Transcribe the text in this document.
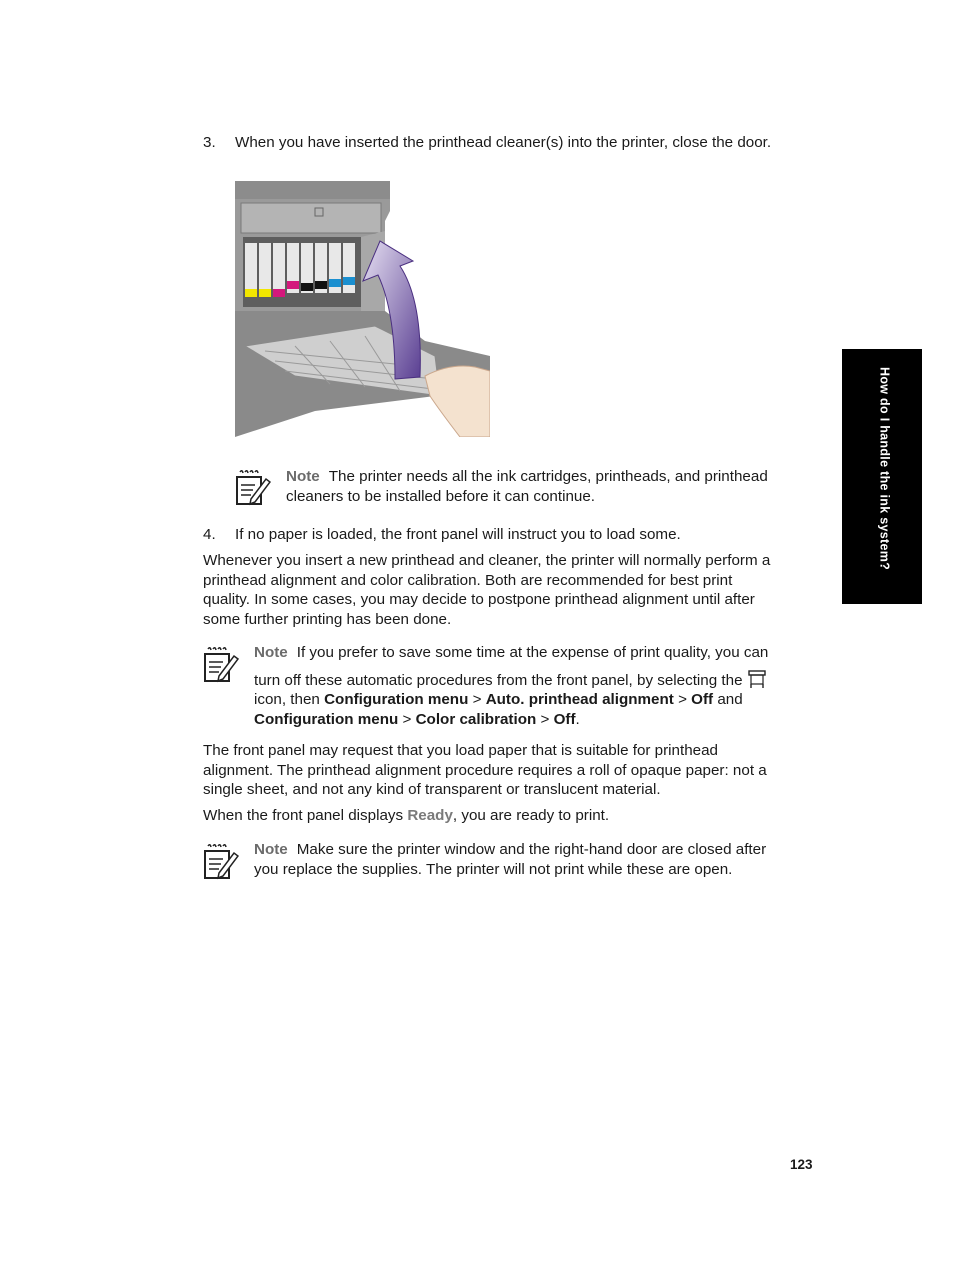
3. When you have inserted the printhead cleaner(s) into the printer, close the door.

Note The printer needs all the ink cartridges, printheads, and printhead

cleaners to be installed before it can continue.

4. If no paper is loaded, the front panel will instruct you to load some.

Whenever you insert a new printhead and cleaner, the printer will normally perform a

printhead alignment and color calibration. Both are recommended for best print

quality. In some cases, you may decide to postpone printhead alignment until after

some further printing has been done.

Note If you prefer to save some time at the expense of print quality, you can

turn off these automatic procedures from the front panel, by selecting the

icon, then Configuration menu > Auto. printhead alignment > Off and

Configuration menu > Color calibration > Off.

The front panel may request that you load paper that is suitable for printhead

alignment. The printhead alignment procedure requires a roll of opaque paper: not a

single sheet, and not any kind of transparent or translucent material.

When the front panel displays Ready, you are ready to print.

Note Make sure the printer window and the right-hand door are closed after

you replace the supplies. The printer will not print while these are open.

How do I handle the ink system?
123
